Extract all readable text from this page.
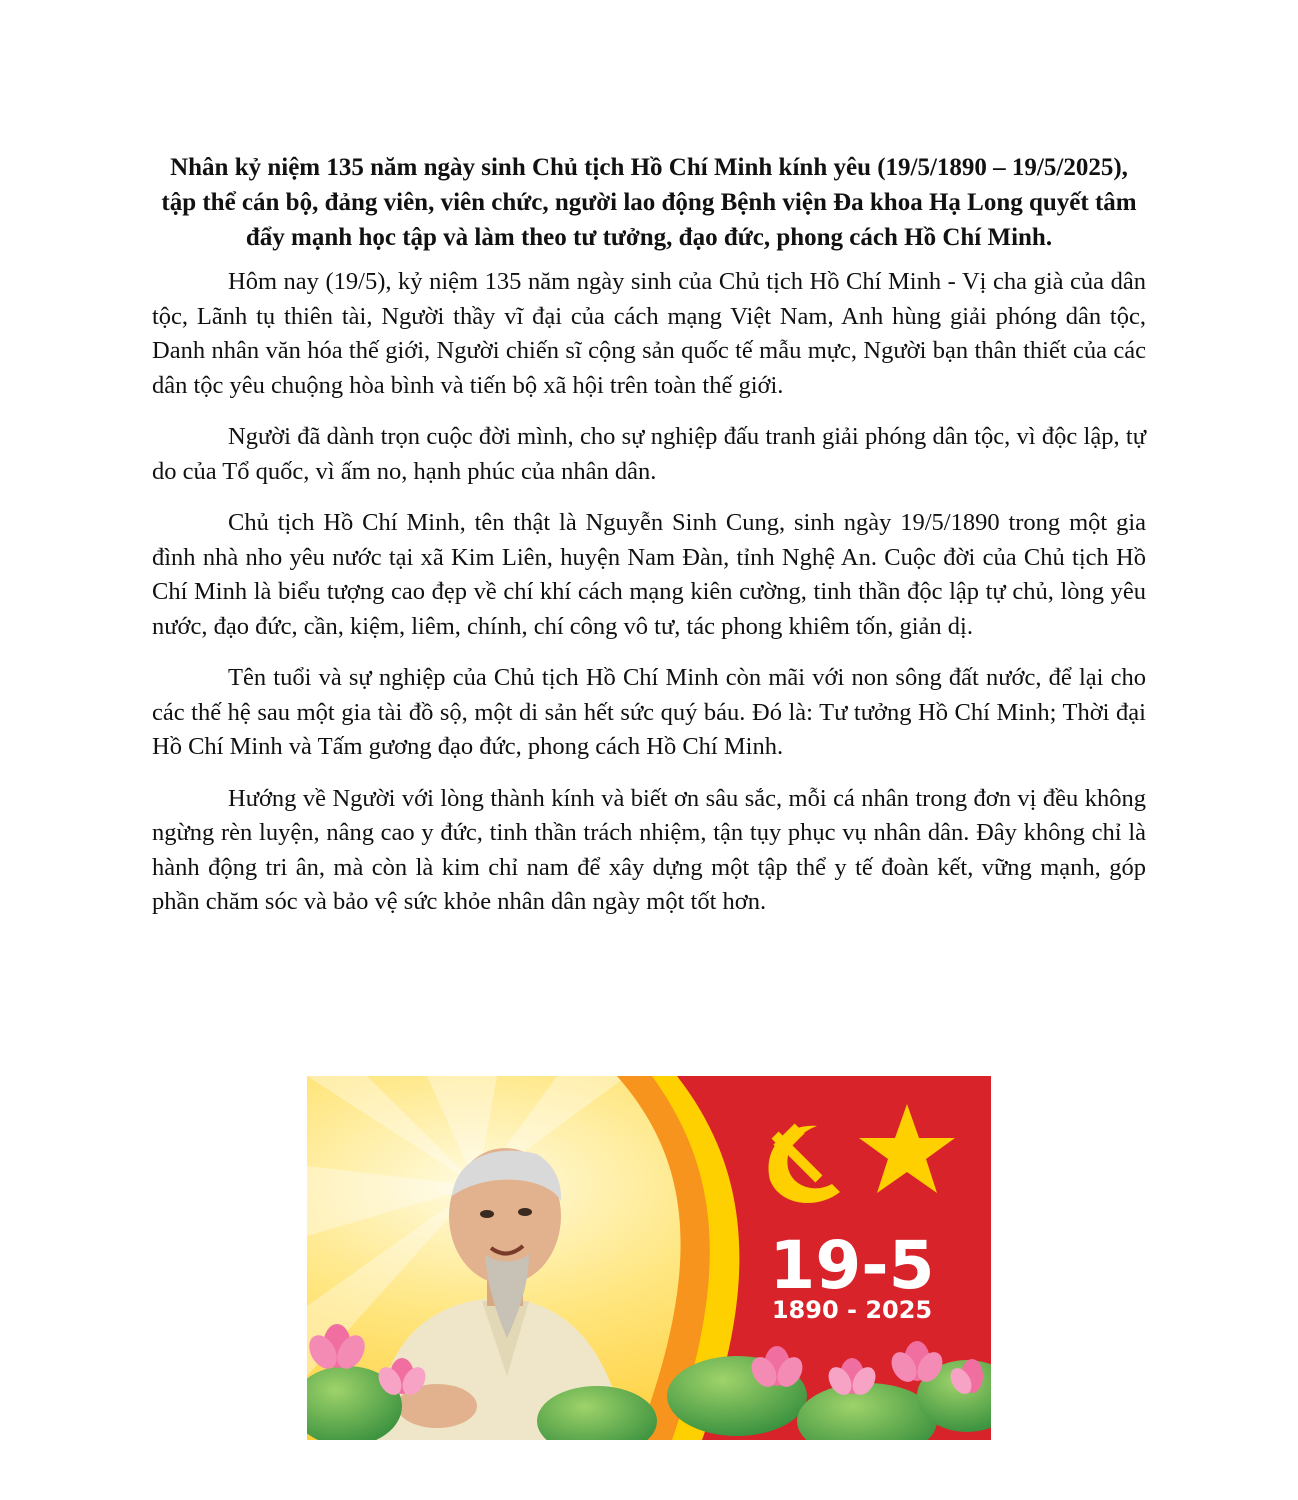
Nhân kỷ niệm 135 năm ngày sinh Chủ tịch Hồ Chí Minh kính yêu (19/5/1890 – 19/5/2025), tập thể cán bộ, đảng viên, viên chức, người lao động Bệnh viện Đa khoa Hạ Long quyết tâm đẩy mạnh học tập và làm theo tư tưởng, đạo đức, phong cách Hồ Chí Minh.

Hôm nay (19/5), kỷ niệm 135 năm ngày sinh của Chủ tịch Hồ Chí Minh - Vị cha già của dân tộc, Lãnh tụ thiên tài, Người thầy vĩ đại của cách mạng Việt Nam, Anh hùng giải phóng dân tộc, Danh nhân văn hóa thế giới, Người chiến sĩ cộng sản quốc tế mẫu mực, Người bạn thân thiết của các dân tộc yêu chuộng hòa bình và tiến bộ xã hội trên toàn thế giới.

Người đã dành trọn cuộc đời mình, cho sự nghiệp đấu tranh giải phóng dân tộc, vì độc lập, tự do của Tổ quốc, vì ấm no, hạnh phúc của nhân dân.

Chủ tịch Hồ Chí Minh, tên thật là Nguyễn Sinh Cung, sinh ngày 19/5/1890 trong một gia đình nhà nho yêu nước tại xã Kim Liên, huyện Nam Đàn, tỉnh Nghệ An. Cuộc đời của Chủ tịch Hồ Chí Minh là biểu tượng cao đẹp về chí khí cách mạng kiên cường, tinh thần độc lập tự chủ, lòng yêu nước, đạo đức, cần, kiệm, liêm, chính, chí công vô tư, tác phong khiêm tốn, giản dị.

Tên tuổi và sự nghiệp của Chủ tịch Hồ Chí Minh còn mãi với non sông đất nước, để lại cho các thế hệ sau một gia tài đồ sộ, một di sản hết sức quý báu. Đó là: Tư tưởng Hồ Chí Minh; Thời đại Hồ Chí Minh và Tấm gương đạo đức, phong cách Hồ Chí Minh.

Hướng về Người với lòng thành kính và biết ơn sâu sắc, mỗi cá nhân trong đơn vị đều không ngừng rèn luyện, nâng cao y đức, tinh thần trách nhiệm, tận tụy phục vụ nhân dân. Đây không chỉ là hành động tri ân, mà còn là kim chỉ nam để xây dựng một tập thể y tế đoàn kết, vững mạnh, góp phần chăm sóc và bảo vệ sức khỏe nhân dân ngày một tốt hơn.

19-5
1890 - 2025
